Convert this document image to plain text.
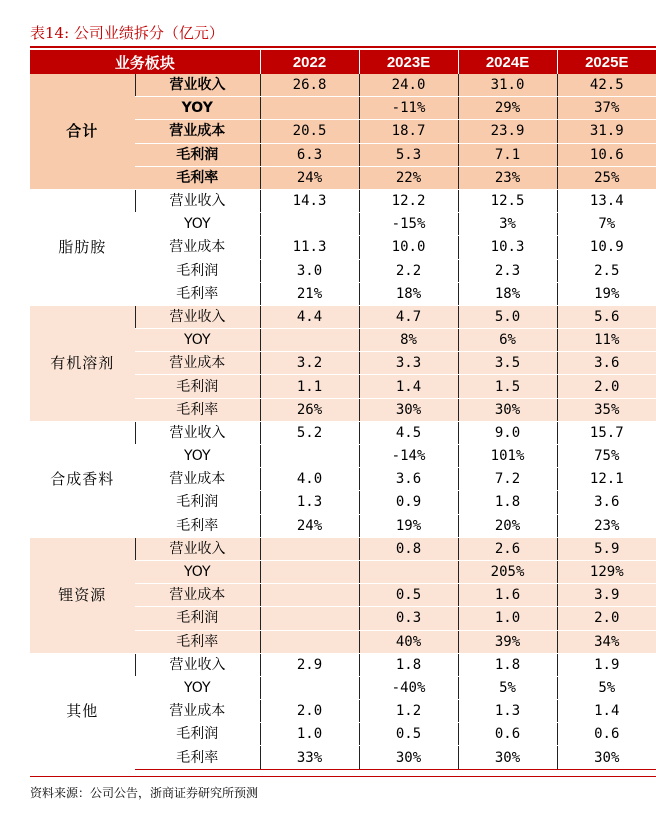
表14: 公司业绩拆分（亿元）
业务板块		2022	2023E	2024E	2025E
合计	营业收入	26.8	24.0	31.0	42.5
	YOY		-11%	29%	37%
	营业成本	20.5	18.7	23.9	31.9
	毛利润	6.3	5.3	7.1	10.6
	毛利率	24%	22%	23%	25%
脂肪胺	营业收入	14.3	12.2	12.5	13.4
	YOY		-15%	3%	7%
	营业成本	11.3	10.0	10.3	10.9
	毛利润	3.0	2.2	2.3	2.5
	毛利率	21%	18%	18%	19%
有机溶剂	营业收入	4.4	4.7	5.0	5.6
	YOY		8%	6%	11%
	营业成本	3.2	3.3	3.5	3.6
	毛利润	1.1	1.4	1.5	2.0
	毛利率	26%	30%	30%	35%
合成香料	营业收入	5.2	4.5	9.0	15.7
	YOY		-14%	101%	75%
	营业成本	4.0	3.6	7.2	12.1
	毛利润	1.3	0.9	1.8	3.6
	毛利率	24%	19%	20%	23%
锂资源	营业收入		0.8	2.6	5.9
	YOY			205%	129%
	营业成本		0.5	1.6	3.9
	毛利润		0.3	1.0	2.0
	毛利率		40%	39%	34%
其他	营业收入	2.9	1.8	1.8	1.9
	YOY		-40%	5%	5%
	营业成本	2.0	1.2	1.3	1.4
	毛利润	1.0	0.5	0.6	0.6
	毛利率	33%	30%	30%	30%
资料来源：公司公告，浙商证券研究所预测
